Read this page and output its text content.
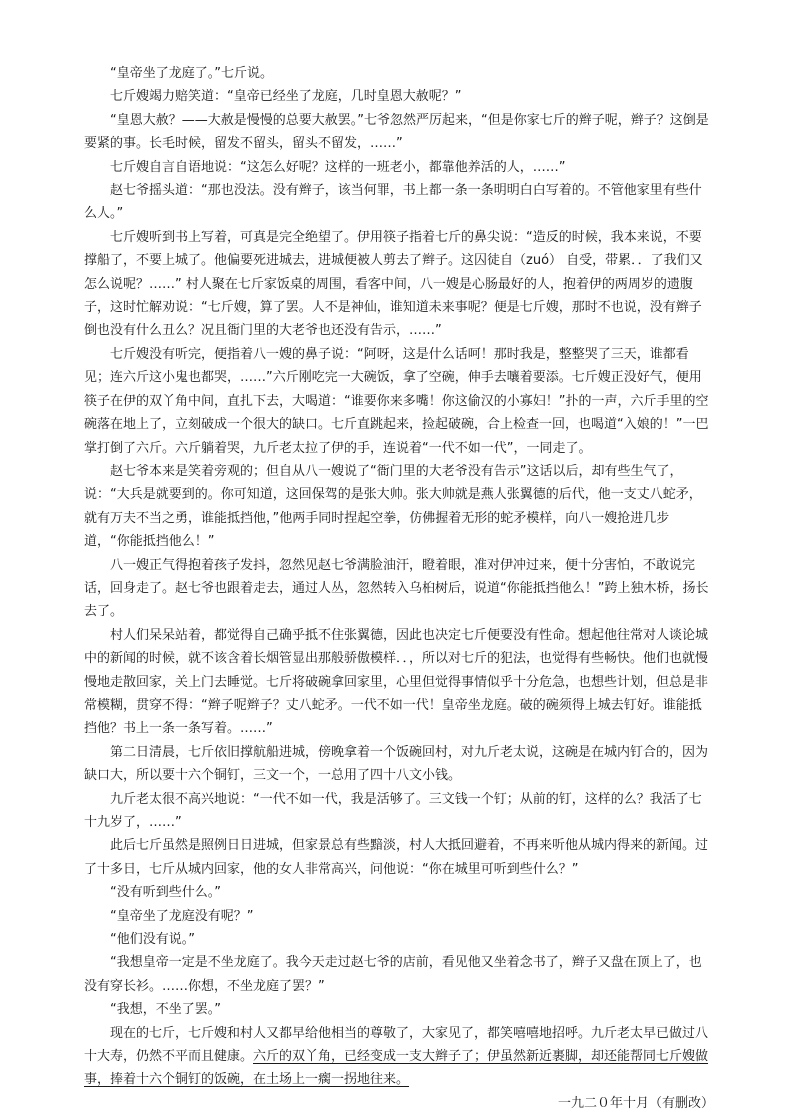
“皇帝坐了龙庭了。”七斤说。

七斤嫂竭力赔笑道：“皇帝已经坐了龙庭，几时皇恩大赦呢？”

“皇恩大赦？——大赦是慢慢的总要大赦罢。”七爷忽然严厉起来，“但是你家七斤的辫子呢，辫子？这倒是要紧的事。长毛时候，留发不留头，留头不留发，……”

七斤嫂自言自语地说：“这怎么好呢？这样的一班老小，都靠他养活的人，……”

赵七爷摇头道：“那也没法。没有辫子，该当何罪，书上都一条一条明明白白写着的。不管他家里有些什么人。”

七斤嫂听到书上写着，可真是完全绝望了。伊用筷子指着七斤的鼻尖说：“造反的时候，我本来说，不要撑船了，不要上城了。他偏要死进城去，进城便被人剪去了辫子。这囚徒自（zuó） 自受，带累．．了我们又怎么说呢？……” 村人聚在七斤家饭桌的周围，看客中间，八一嫂是心肠最好的人，抱着伊的两周岁的遗腹子，这时忙解劝说：“七斤嫂，算了罢。人不是神仙，谁知道未来事呢？便是七斤嫂，那时不也说，没有辫子倒也没有什么丑么？况且衙门里的大老爷也还没有告示，……”

七斤嫂没有听完，便指着八一嫂的鼻子说：“阿呀，这是什么话呵！那时我是，整整哭了三天，谁都看见；连六斤这小鬼也都哭，……”六斤刚吃完一大碗饭，拿了空碗，伸手去嚷着要添。七斤嫂正没好气，便用筷子在伊的双丫角中间，直扎下去，大喝道：“谁要你来多嘴！你这偷汉的小寡妇！”扑的一声，六斤手里的空碗落在地上了，立刻破成一个很大的缺口。七斤直跳起来，捡起破碗，合上检查一回，也喝道“入娘的！”一巴掌打倒了六斤。六斤躺着哭，九斤老太拉了伊的手，连说着“一代不如一代”，一同走了。

赵七爷本来是笑着旁观的；但自从八一嫂说了“衙门里的大老爷没有告示”这话以后，却有些生气了，说：“大兵是就要到的。你可知道，这回保驾的是张大帅。张大帅就是燕人张翼德的后代，他一支丈八蛇矛，就有万夫不当之勇，谁能抵挡他，”他两手同时捏起空拳，仿佛握着无形的蛇矛模样，向八一嫂抢进几步道，“你能抵挡他么！”

八一嫂正气得抱着孩子发抖，忽然见赵七爷满脸油汗，瞪着眼，准对伊冲过来，便十分害怕，不敢说完话，回身走了。赵七爷也跟着走去，通过人丛，忽然转入乌桕树后，说道“你能抵挡他么！”跨上独木桥，扬长去了。

村人们呆呆站着，都觉得自己确乎抵不住张翼德，因此也决定七斤便要没有性命。想起他往常对人谈论城中的新闻的时候，就不该含着长烟管显出那般骄傲模样．．，所以对七斤的犯法，也觉得有些畅快。他们也就慢慢地走散回家，关上门去睡觉。七斤将破碗拿回家里，心里但觉得事情似乎十分危急，也想些计划，但总是非常模糊，贯穿不得：“辫子呢辫子？丈八蛇矛。一代不如一代！皇帝坐龙庭。破的碗须得上城去钉好。谁能抵挡他？书上一条一条写着。……”

第二日清晨，七斤依旧撑航船进城，傍晚拿着一个饭碗回村，对九斤老太说，这碗是在城内钉合的，因为缺口大，所以要十六个铜钉，三文一个，一总用了四十八文小钱。

九斤老太很不高兴地说：“一代不如一代，我是活够了。三文钱一个钉；从前的钉，这样的么？我活了七十九岁了，……”

此后七斤虽然是照例日日进城，但家景总有些黯淡，村人大抵回避着，不再来听他从城内得来的新闻。过了十多日，七斤从城内回家，他的女人非常高兴，问他说：“你在城里可听到些什么？”

“没有听到些什么。”

“皇帝坐了龙庭没有呢？”

“他们没有说。”

“我想皇帝一定是不坐龙庭了。我今天走过赵七爷的店前，看见他又坐着念书了，辫子又盘在顶上了，也没有穿长衫。……你想，不坐龙庭了罢？”

“我想，不坐了罢。”

现在的七斤，七斤嫂和村人又都早给他相当的尊敬了，大家见了，都笑嘻嘻地招呼。九斤老太早已做过八十大寿，仍然不平而且健康。六斤的双丫角，已经变成一支大辫子了；伊虽然新近裹脚，却还能帮同七斤嫂做事，捧着十六个铜钉的饭碗，在土场上一瘸一拐地往来。

一九二０年十月（有删改）
